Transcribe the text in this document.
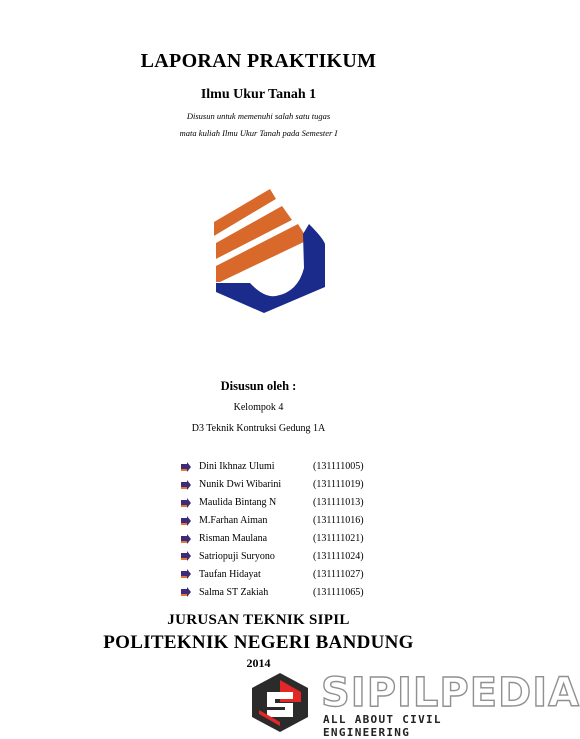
LAPORAN PRAKTIKUM
Ilmu Ukur Tanah 1
Disusun untuk memenuhi salah satu tugas
mata kuliah Ilmu Ukur Tanah pada Semester I
Disusun oleh :
Kelompok 4
D3 Teknik Kontruksi Gedung 1A
Dini Ikhnaz Ulumi	(131111005)
Nunik Dwi Wibarini	(131111019)
Maulida Bintang N	(131111013)
M.Farhan Aiman	(131111016)
Risman Maulana	(131111021)
Satriopuji Suryono	(131111024)
Taufan Hidayat	(131111027)
Salma ST Zakiah	(131111065)
JURUSAN TEKNIK SIPIL
POLITEKNIK NEGERI BANDUNG
2014
SIPILPEDIA
ALL ABOUT CIVIL ENGINEERING
